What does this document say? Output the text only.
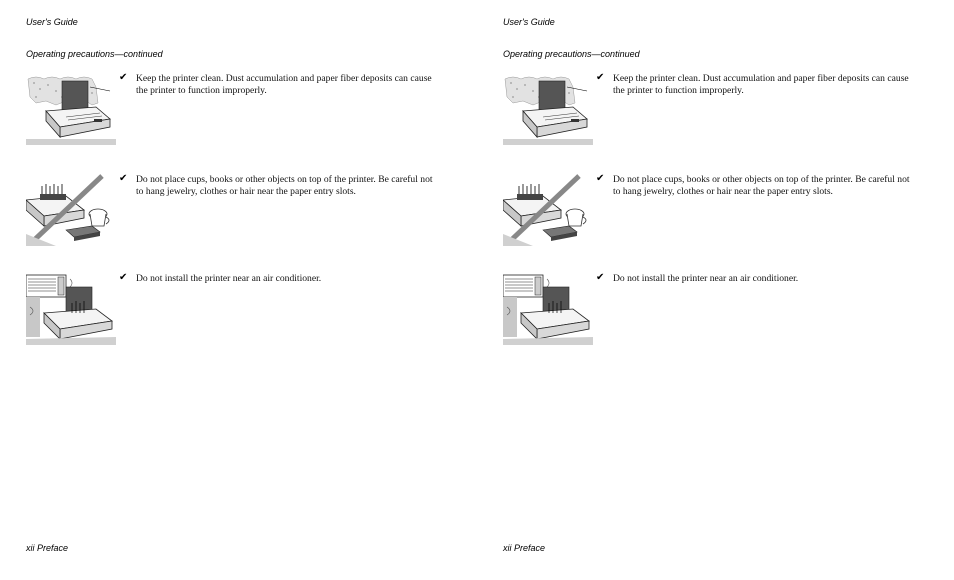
User's Guide
Operating precautions—continued
✔ Keep the printer clean. Dust accumulation and paper fiber deposits can cause the printer to function improperly.
✔ Do not place cups, books or other objects on top of the printer. Be careful not to hang jewelry, clothes or hair near the paper entry slots.
✔ Do not install the printer near an air conditioner.
xii Preface
User's Guide
Operating precautions—continued
✔ Keep the printer clean. Dust accumulation and paper fiber deposits can cause the printer to function improperly.
✔ Do not place cups, books or other objects on top of the printer. Be careful not to hang jewelry, clothes or hair near the paper entry slots.
✔ Do not install the printer near an air conditioner.
xii Preface
